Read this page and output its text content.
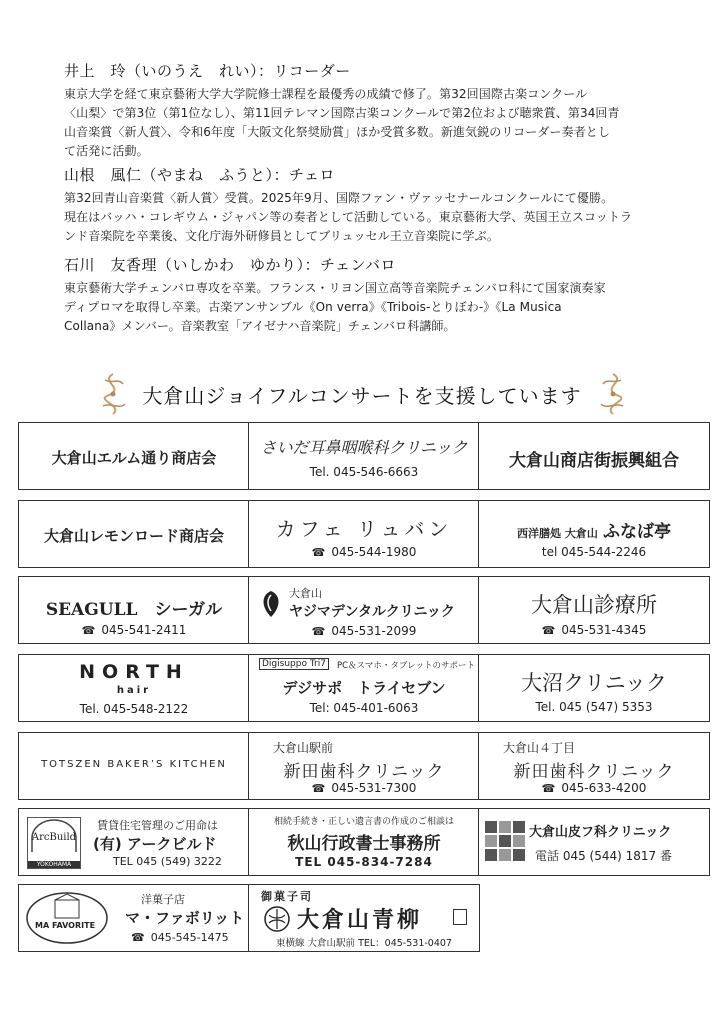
井上　玲（いのうえ　れい）：リコーダー

東京大学を経て東京藝術大学大学院修士課程を最優秀の成績で修了。第32回国際古楽コンクール
〈山梨〉で第3位（第1位なし）、第11回テレマン国際古楽コンクールで第2位および聴衆賞、第34回青
山音楽賞〈新人賞〉、令和6年度「大阪文化祭奨励賞」ほか受賞多数。新進気鋭のリコーダー奏者とし
て活発に活動。

山根　風仁（やまね　ふうと）：チェロ

第32回青山音楽賞〈新人賞〉受賞。2025年9月、国際ファン・ヴァッセナールコンクールにて優勝。
現在はバッハ・コレギウム・ジャパン等の奏者として活動している。東京藝術大学、英国王立スコットラ
ンド音楽院を卒業後、文化庁海外研修員としてブリュッセル王立音楽院に学ぶ。

石川　友香理（いしかわ　ゆかり）：チェンバロ

東京藝術大学チェンバロ専攻を卒業。フランス・リヨン国立高等音楽院チェンバロ科にて国家演奏家
ディプロマを取得し卒業。古楽アンサンブル《On verra》《Tribois-とりぼわ-》《La Musica
Collana》メンバー。音楽教室「アイゼナハ音楽院」チェンバロ科講師。

大倉山ジョイフルコンサートを支援しています
大倉山エルム通り商店会
さいだ耳鼻咽喉科クリニック
Tel. 045-546-6663
大倉山商店街振興組合
大倉山レモンロード商店会	カフェ リュバン
☎ 045-544-1980
西洋膳処 大倉山 ふなば亭
tel 045-544-2246
SEAGULL　 シーガル
☎ 045-541-2411
大倉山
ヤジマデンタルクリニック
☎ 045-531-2099
大倉山診療所
☎ 045-531-4345
NORTH
hair
Tel. 045-548-2122
Digisuppo Tri7	PC＆スマホ・タブレットのサポート
デジサポ　トライセブン
Tel: 045-401-6063
大沼クリニック
Tel. 045 (547) 5353
TOTSZEN BAKER’S KITCHEN
大倉山駅前
新田歯科クリニック
☎ 045-531-7300
大倉山４丁目
新田歯科クリニック
☎ 045-633-4200
ArcBuild
YOKOHAMA
賃貸住宅管理のご用命は
(有) アークビルド
TEL 045 (549) 3222
相続手続き・正しい遺言書の作成のご相談は
秋山行政書士事務所
TEL 045-834-7284
大倉山皮フ科クリニック
電話 045 (544) 1817 番
MA FAVORITE
洋菓子店
マ・ファボリット
☎ 045-545-1475
御菓子司
大倉山青柳
東横線 大倉山駅前 TEL：045-531-0407
